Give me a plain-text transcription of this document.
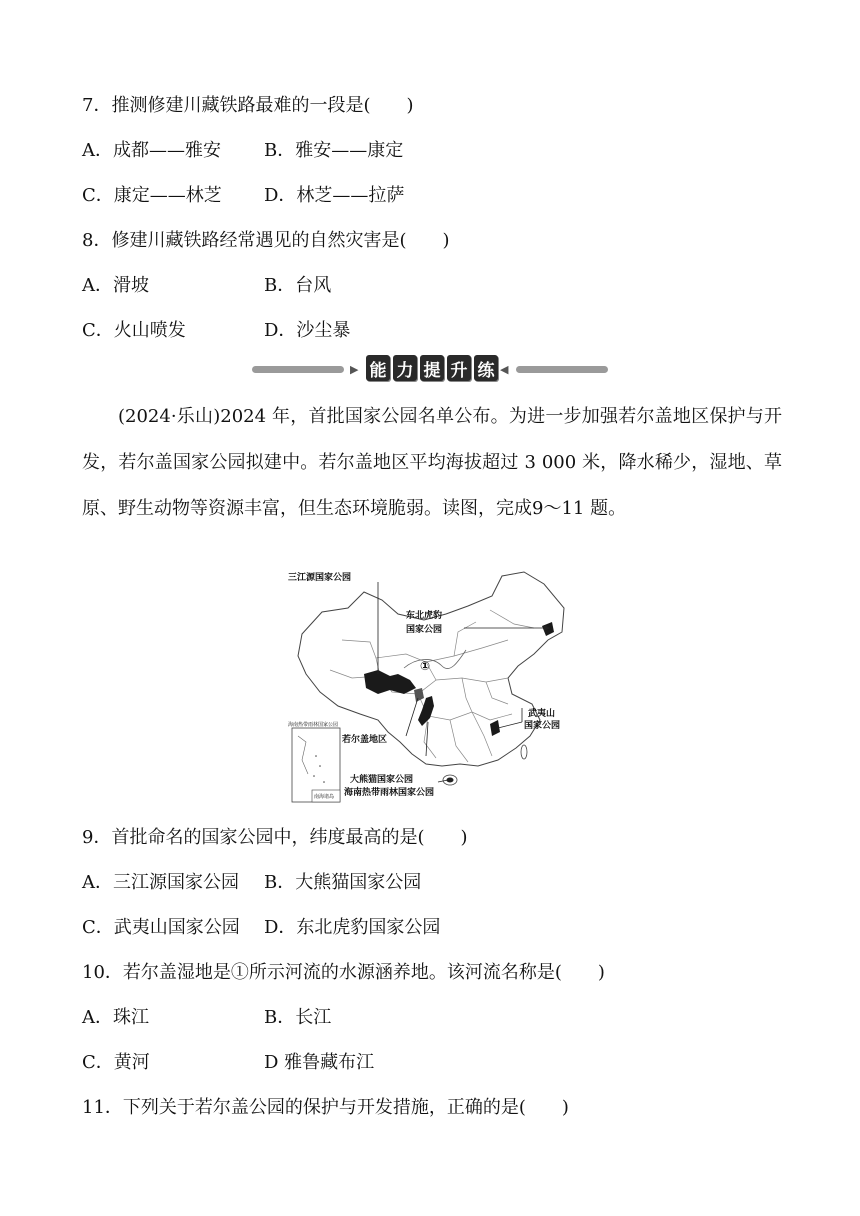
7．推测修建川藏铁路最难的一段是(　　)
A．成都——雅安 B．雅安——康定
C．康定——林芝 D．林芝——拉萨
8．修建川藏铁路经常遇见的自然灾害是(　　)
A．滑坡	B．台风
C．火山喷发	D．沙尘暴
▶ 能 力 提 升 练 ◀

(2024·乐山)2024 年，首批国家公园名单公布。为进一步加强若尔盖地区保护与开发，若尔盖国家公园拟建中。若尔盖地区平均海拔超过 3 000 米，降水稀少，湿地、草原、野生动物等资源丰富，但生态环境脆弱。读图，完成9～11 题。

南海诸岛
海南热带雨林国家公园
三江源国家公园
东北虎豹
国家公园
①
武夷山
国家公园
若尔盖地区
大熊猫国家公园
海南热带雨林国家公园
9．首批命名的国家公园中，纬度最高的是(　　)
A．三江源国家公园 B．大熊猫国家公园
C．武夷山国家公园 D．东北虎豹国家公园
10．若尔盖湿地是①所示河流的水源涵养地。该河流名称是(　　)
A．珠江	B．长江
C．黄河	D 雅鲁藏布江
11．下列关于若尔盖公园的保护与开发措施，正确的是(　　)
